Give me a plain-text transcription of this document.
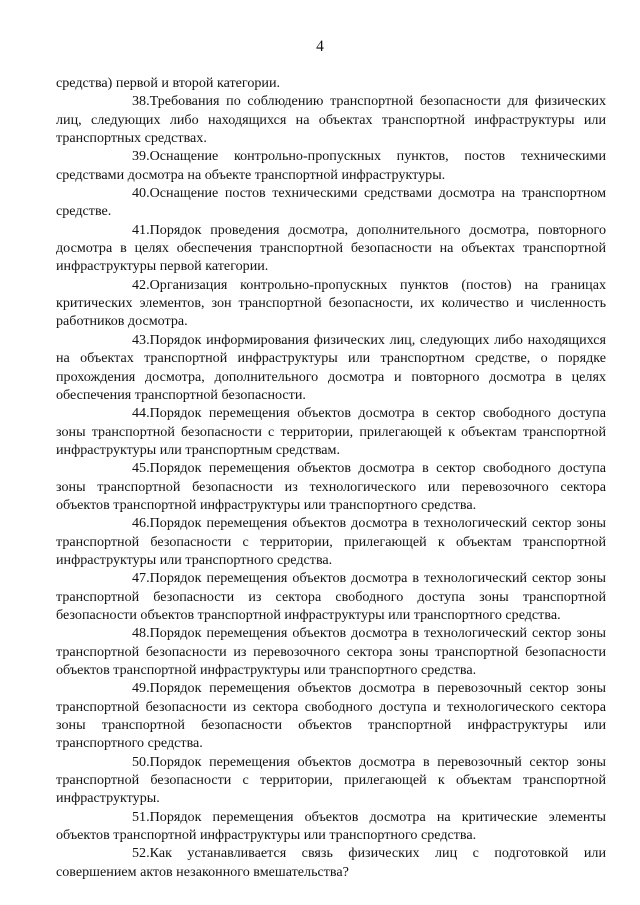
4

средства) первой и второй категории.

38.Требования по соблюдению транспортной безопасности для физических лиц, следующих либо находящихся на объектах транспортной инфраструктуры или транспортных средствах.

39.Оснащение контрольно-пропускных пунктов, постов техническими средствами досмотра на объекте транспортной инфраструктуры.

40.Оснащение постов техническими средствами досмотра на транспортном средстве.

41.Порядок проведения досмотра, дополнительного досмотра, повторного досмотра в целях обеспечения транспортной безопасности на объектах транспортной инфраструктуры первой категории.

42.Организация контрольно-пропускных пунктов (постов) на границах критических элементов, зон транспортной безопасности, их количество и численность работников досмотра.

43.Порядок информирования физических лиц, следующих либо находящихся на объектах транспортной инфраструктуры или транспортном средстве, о порядке прохождения досмотра, дополнительного досмотра и повторного досмотра в целях обеспечения транспортной безопасности.

44.Порядок перемещения объектов досмотра в сектор свободного доступа зоны транспортной безопасности с территории, прилегающей к объектам транспортной инфраструктуры или транспортным средствам.

45.Порядок перемещения объектов досмотра в сектор свободного доступа зоны транспортной безопасности из технологического или перевозочного сектора объектов транспортной инфраструктуры или транспортного средства.

46.Порядок перемещения объектов досмотра в технологический сектор зоны транспортной безопасности с территории, прилегающей к объектам транспортной инфраструктуры или транспортного средства.

47.Порядок перемещения объектов досмотра в технологический сектор зоны транспортной безопасности из сектора свободного доступа зоны транспортной безопасности объектов транспортной инфраструктуры или транспортного средства.

48.Порядок перемещения объектов досмотра в технологический сектор зоны транспортной безопасности из перевозочного сектора зоны транспортной безопасности объектов транспортной инфраструктуры или транспортного средства.

49.Порядок перемещения объектов досмотра в перевозочный сектор зоны транспортной безопасности из сектора свободного доступа и технологического сектора зоны транспортной безопасности объектов транспортной инфраструктуры или транспортного средства.

50.Порядок перемещения объектов досмотра в перевозочный сектор зоны транспортной безопасности с территории, прилегающей к объектам транспортной инфраструктуры.

51.Порядок перемещения объектов досмотра на критические элементы объектов транспортной инфраструктуры или транспортного средства.

52.Как устанавливается связь физических лиц с подготовкой или совершением актов незаконного вмешательства?
